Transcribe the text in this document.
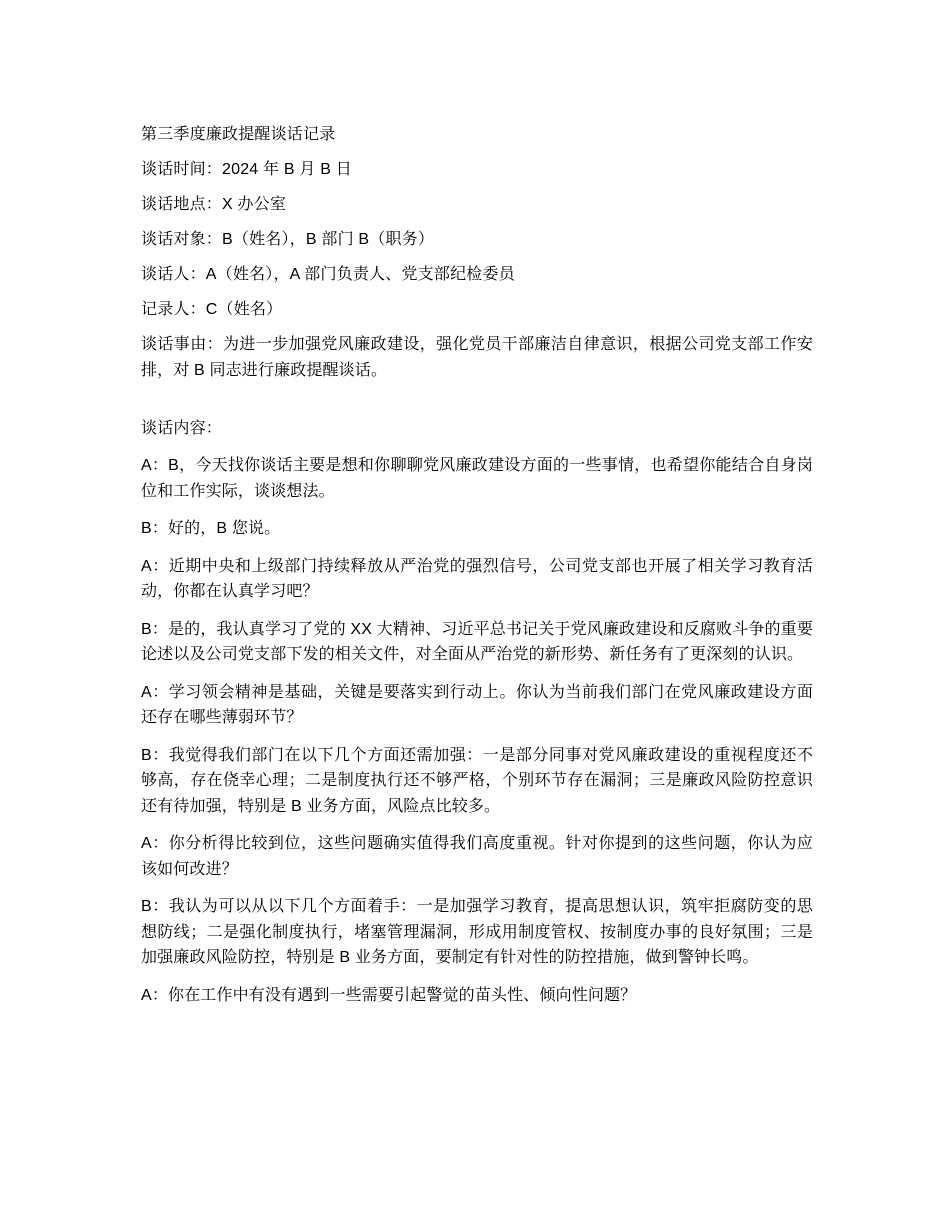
第三季度廉政提醒谈话记录

谈话时间：2024 年 B 月 B 日

谈话地点：X 办公室

谈话对象：B（姓名），B 部门 B（职务）

谈话人：A（姓名），A 部门负责人、党支部纪检委员

记录人：C（姓名）

谈话事由：为进一步加强党风廉政建设，强化党员干部廉洁自律意识，根据公司党支部工作安排，对 B 同志进行廉政提醒谈话。

谈话内容：

A：B，今天找你谈话主要是想和你聊聊党风廉政建设方面的一些事情，也希望你能结合自身岗位和工作实际，谈谈想法。

B：好的，B 您说。

A：近期中央和上级部门持续释放从严治党的强烈信号，公司党支部也开展了相关学习教育活动，你都在认真学习吧？

B：是的，我认真学习了党的 XX 大精神、习近平总书记关于党风廉政建设和反腐败斗争的重要论述以及公司党支部下发的相关文件，对全面从严治党的新形势、新任务有了更深刻的认识。

A：学习领会精神是基础，关键是要落实到行动上。你认为当前我们部门在党风廉政建设方面还存在哪些薄弱环节？

B：我觉得我们部门在以下几个方面还需加强：一是部分同事对党风廉政建设的重视程度还不够高，存在侥幸心理；二是制度执行还不够严格，个别环节存在漏洞；三是廉政风险防控意识还有待加强，特别是 B 业务方面，风险点比较多。

A：你分析得比较到位，这些问题确实值得我们高度重视。针对你提到的这些问题，你认为应该如何改进？

B：我认为可以从以下几个方面着手：一是加强学习教育，提高思想认识，筑牢拒腐防变的思想防线；二是强化制度执行，堵塞管理漏洞，形成用制度管权、按制度办事的良好氛围；三是加强廉政风险防控，特别是 B 业务方面，要制定有针对性的防控措施，做到警钟长鸣。

A：你在工作中有没有遇到一些需要引起警觉的苗头性、倾向性问题？
